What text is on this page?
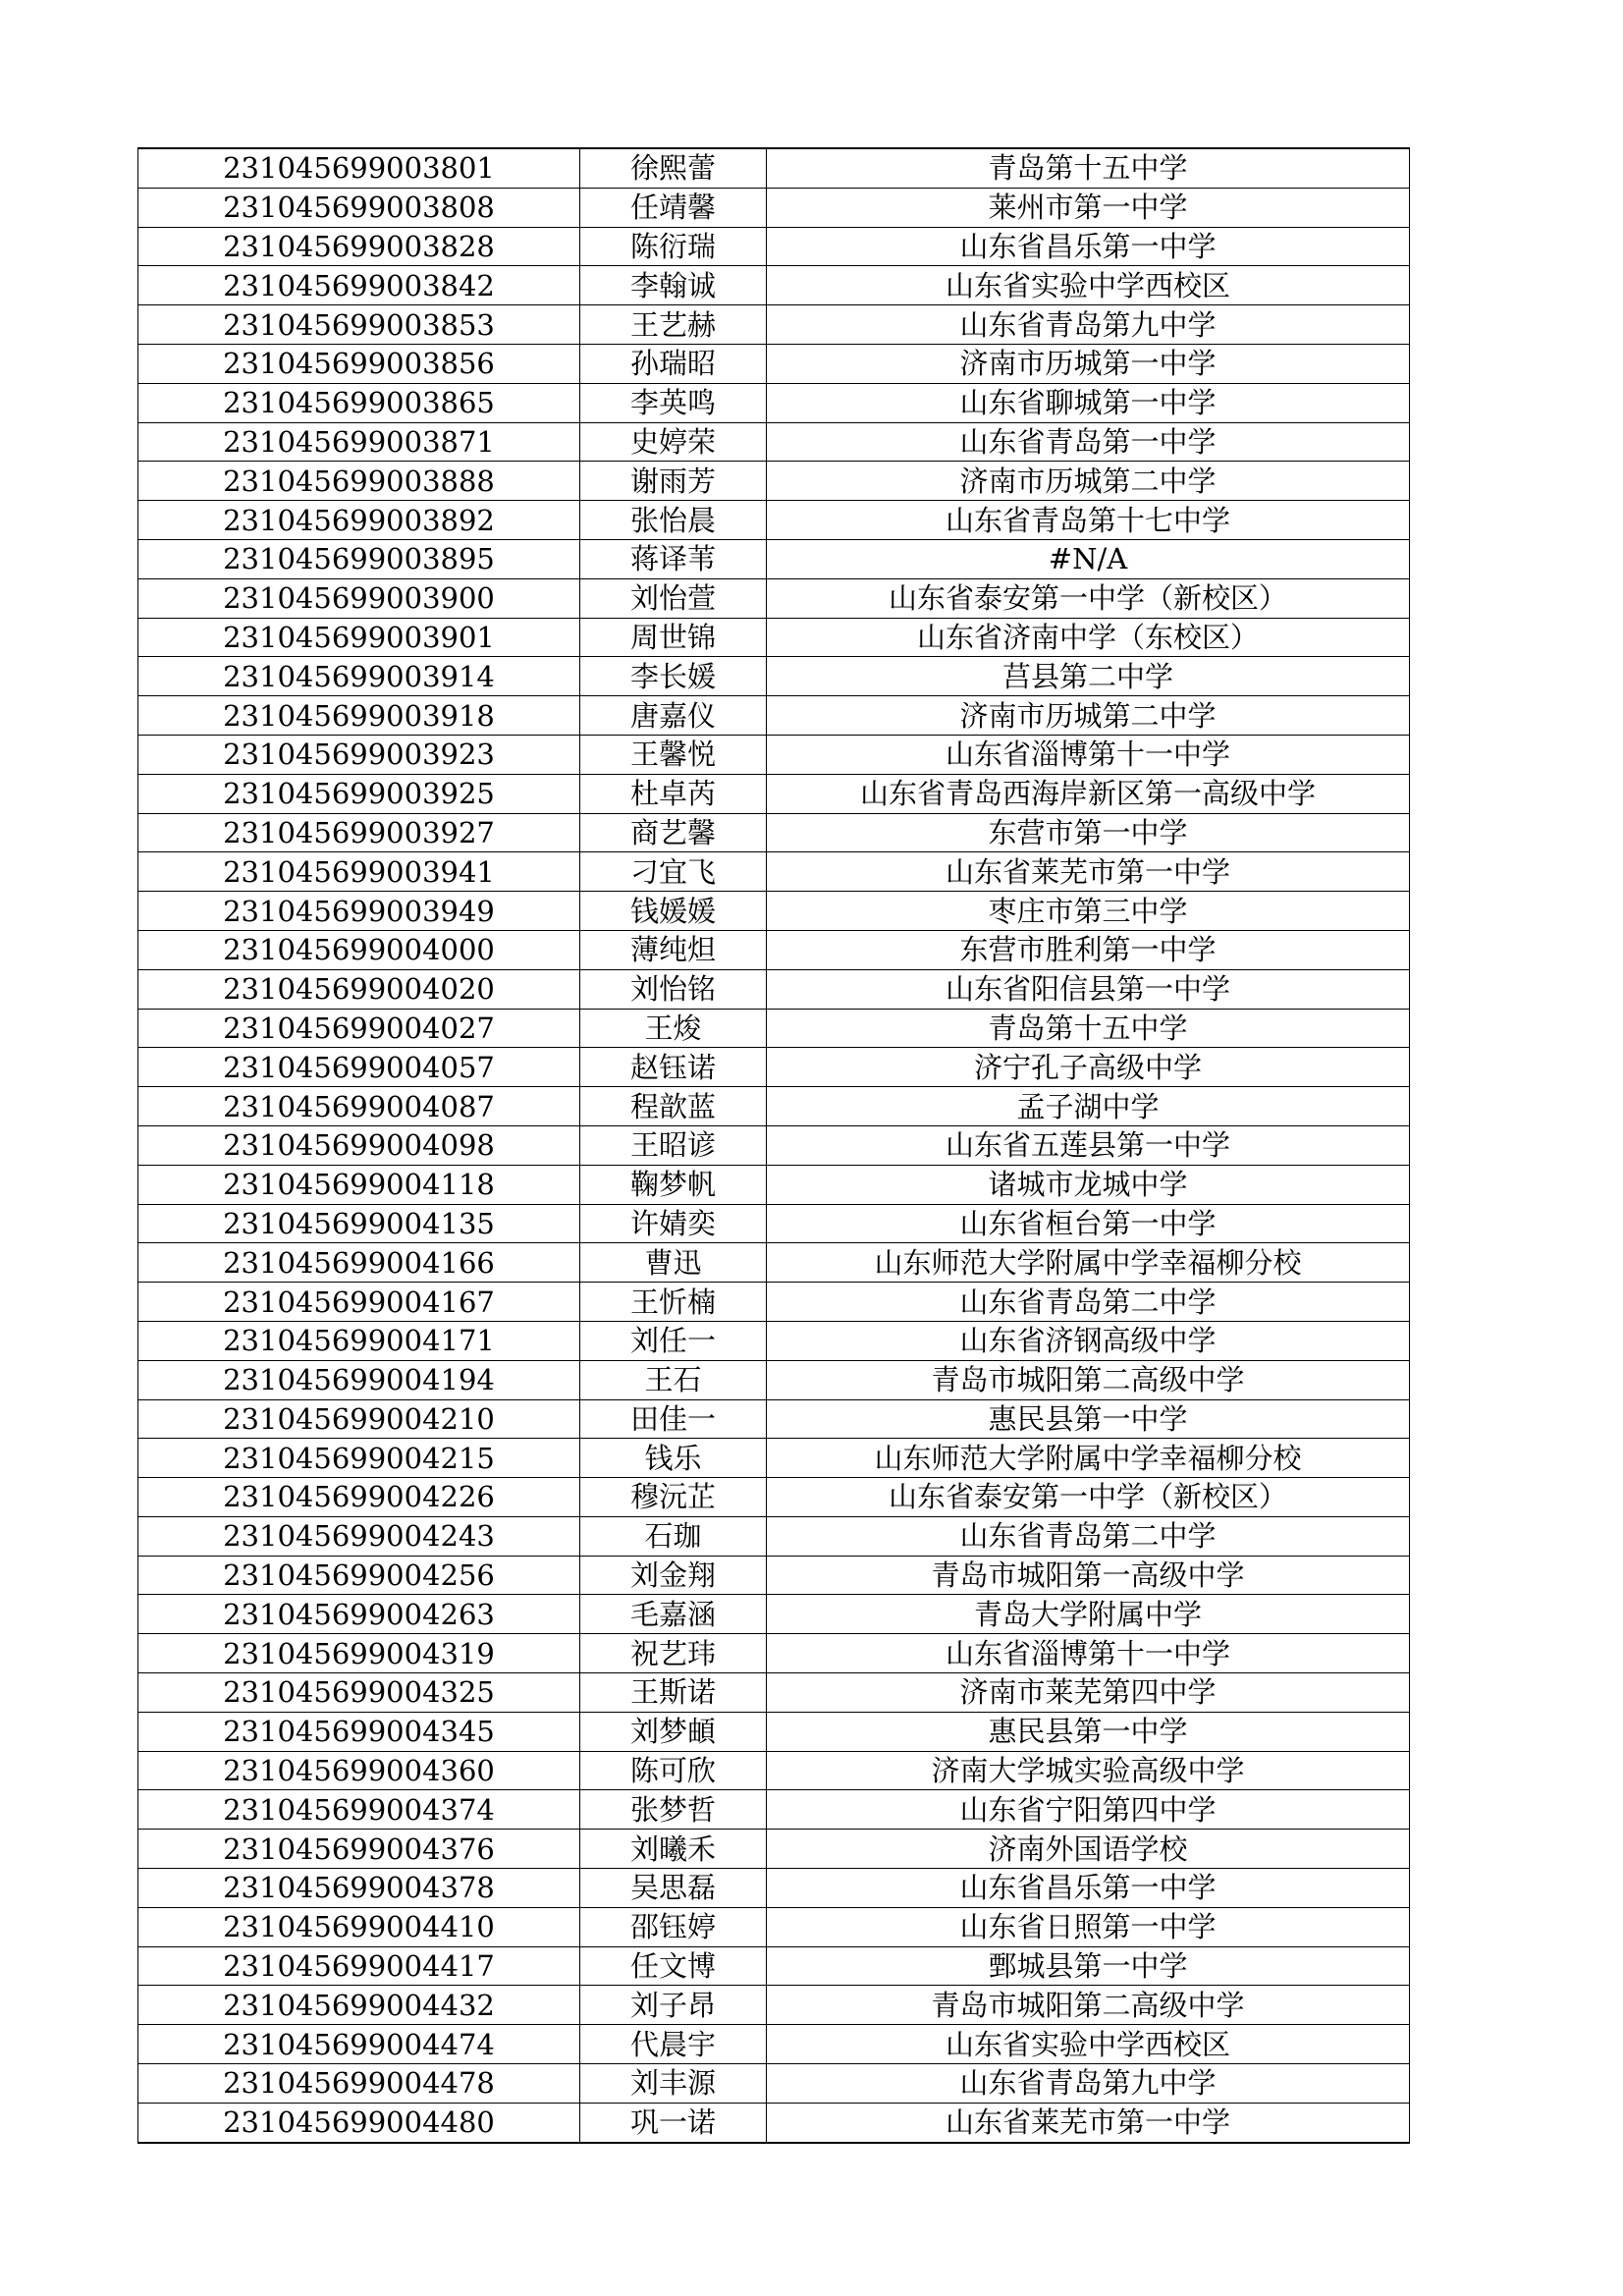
231045699003801	徐熙蕾	青岛第十五中学
231045699003808	任靖馨	莱州市第一中学
231045699003828	陈衍瑞	山东省昌乐第一中学
231045699003842	李翰诚	山东省实验中学西校区
231045699003853	王艺赫	山东省青岛第九中学
231045699003856	孙瑞昭	济南市历城第一中学
231045699003865	李英鸣	山东省聊城第一中学
231045699003871	史婷荣	山东省青岛第一中学
231045699003888	谢雨芳	济南市历城第二中学
231045699003892	张怡晨	山东省青岛第十七中学
231045699003895	蒋译苇	#N/A
231045699003900	刘怡萱	山东省泰安第一中学（新校区）
231045699003901	周世锦	山东省济南中学（东校区）
231045699003914	李长媛	莒县第二中学
231045699003918	唐嘉仪	济南市历城第二中学
231045699003923	王馨悦	山东省淄博第十一中学
231045699003925	杜卓芮	山东省青岛西海岸新区第一高级中学
231045699003927	商艺馨	东营市第一中学
231045699003941	刁宜飞	山东省莱芜市第一中学
231045699003949	钱媛媛	枣庄市第三中学
231045699004000	薄纯炟	东营市胜利第一中学
231045699004020	刘怡铭	山东省阳信县第一中学
231045699004027	王焌	青岛第十五中学
231045699004057	赵钰诺	济宁孔子高级中学
231045699004087	程歆蓝	孟子湖中学
231045699004098	王昭谚	山东省五莲县第一中学
231045699004118	鞠梦帆	诸城市龙城中学
231045699004135	许婧奕	山东省桓台第一中学
231045699004166	曹迅	山东师范大学附属中学幸福柳分校
231045699004167	王忻楠	山东省青岛第二中学
231045699004171	刘任一	山东省济钢高级中学
231045699004194	王石	青岛市城阳第二高级中学
231045699004210	田佳一	惠民县第一中学
231045699004215	钱乐	山东师范大学附属中学幸福柳分校
231045699004226	穆沅芷	山东省泰安第一中学（新校区）
231045699004243	石珈	山东省青岛第二中学
231045699004256	刘金翔	青岛市城阳第一高级中学
231045699004263	毛嘉涵	青岛大学附属中学
231045699004319	祝艺玮	山东省淄博第十一中学
231045699004325	王斯诺	济南市莱芜第四中学
231045699004345	刘梦頔	惠民县第一中学
231045699004360	陈可欣	济南大学城实验高级中学
231045699004374	张梦哲	山东省宁阳第四中学
231045699004376	刘曦禾	济南外国语学校
231045699004378	吴思磊	山东省昌乐第一中学
231045699004410	邵钰婷	山东省日照第一中学
231045699004417	任文博	鄄城县第一中学
231045699004432	刘子昂	青岛市城阳第二高级中学
231045699004474	代晨宇	山东省实验中学西校区
231045699004478	刘丰源	山东省青岛第九中学
231045699004480	巩一诺	山东省莱芜市第一中学
